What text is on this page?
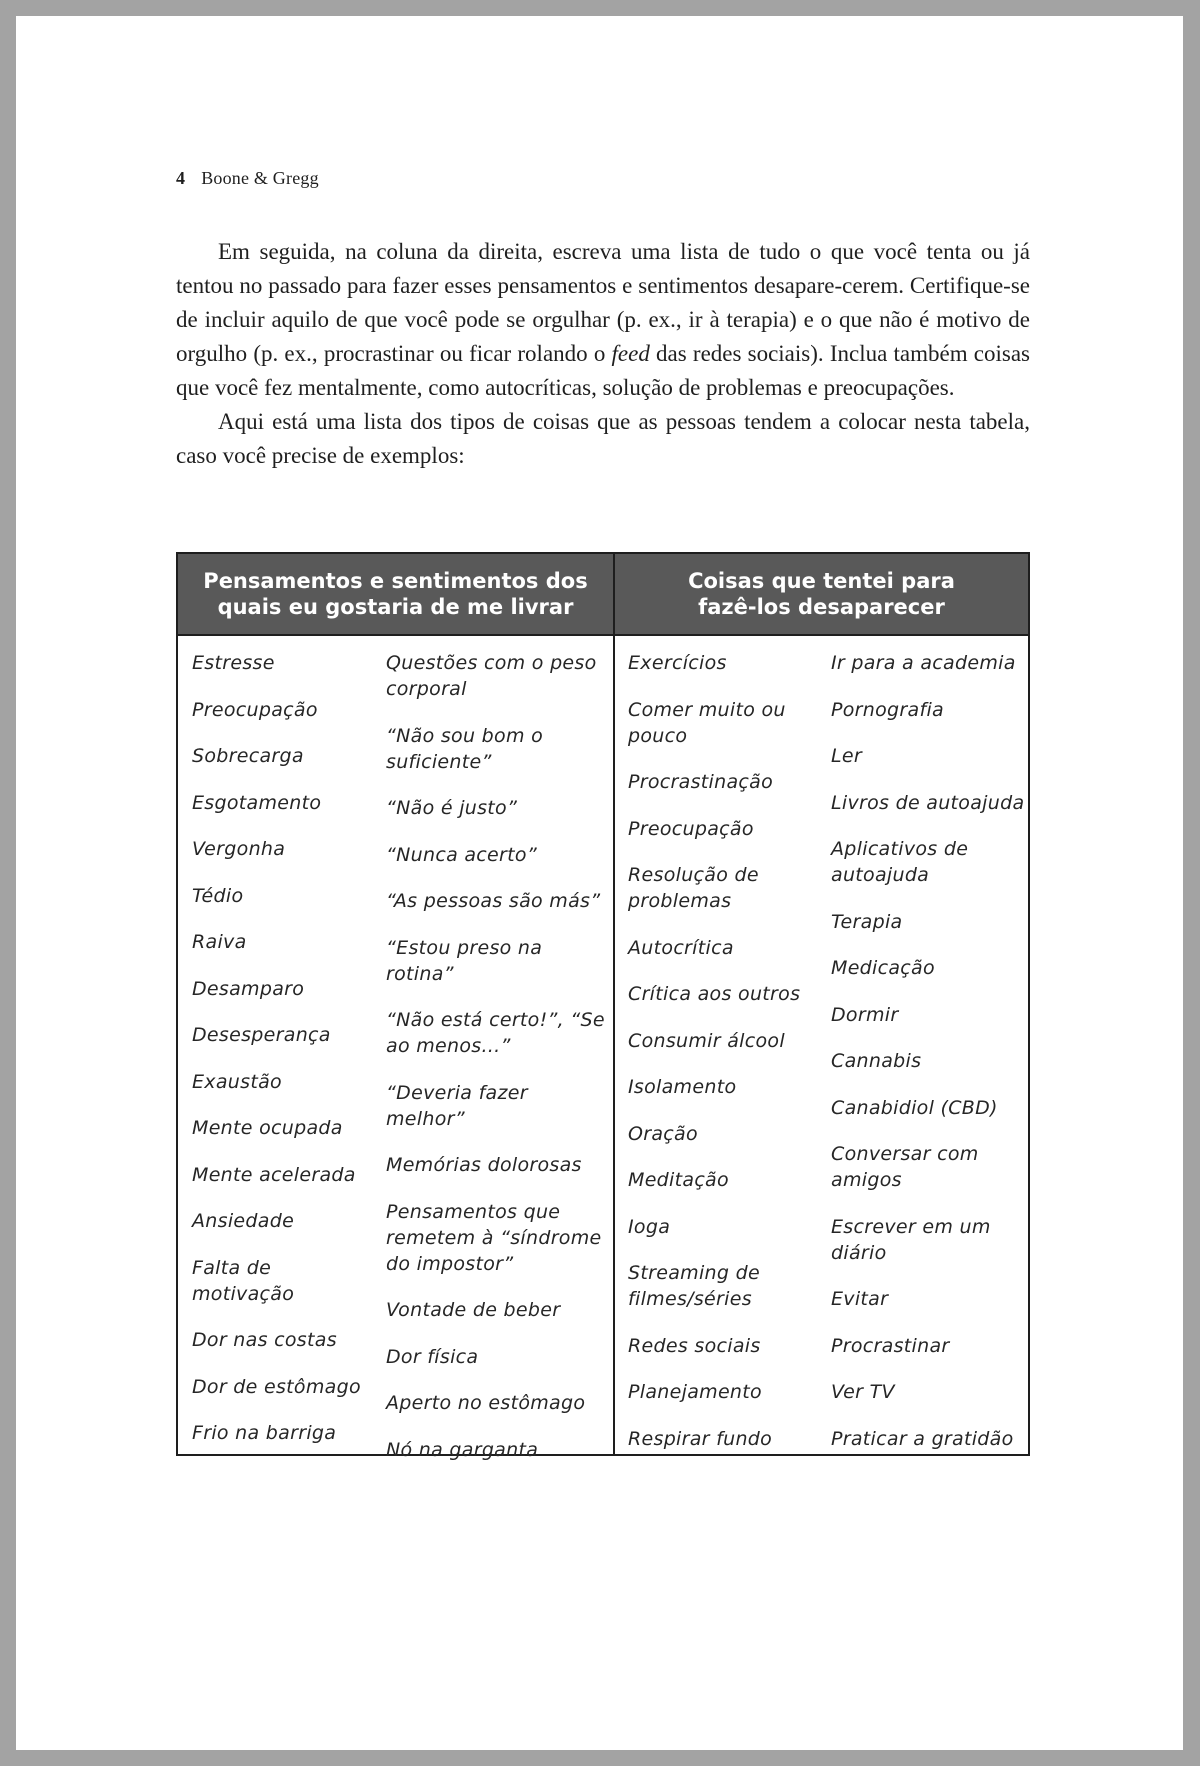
4 Boone & Gregg

Em seguida, na coluna da direita, escreva uma lista de tudo o que você tenta ou já tentou no passado para fazer esses pensamentos e sentimentos desapare-cerem. Certifique-se de incluir aquilo de que você pode se orgulhar (p. ex., ir à terapia) e o que não é motivo de orgulho (p. ex., procrastinar ou ficar rolando o feed das redes sociais). Inclua também coisas que você fez mentalmente, como autocríticas, solução de problemas e preocupações.

Aqui está uma lista dos tipos de coisas que as pessoas tendem a colocar nesta tabela, caso você precise de exemplos:

Pensamentos e sentimentos dos
quais eu gostaria de me livrar
Coisas que tentei para
fazê-los desaparecer
Estresse
Preocupação
Sobrecarga
Esgotamento
Vergonha
Tédio
Raiva
Desamparo
Desesperança
Exaustão
Mente ocupada
Mente acelerada
Ansiedade
Falta de motivação
Dor nas costas
Dor de estômago
Frio na barriga
Questões com o peso corporal
“Não sou bom o suficiente”
“Não é justo”
“Nunca acerto”
“As pessoas são más”
“Estou preso na rotina”
“Não está certo!”, “Se ao menos...”
“Deveria fazer melhor”
Memórias dolorosas
Pensamentos que remetem à “síndrome do impostor”
Vontade de beber
Dor física
Aperto no estômago
Nó na garganta
Exercícios
Comer muito ou pouco
Procrastinação
Preocupação
Resolução de problemas
Autocrítica
Crítica aos outros
Consumir álcool
Isolamento
Oração
Meditação
Ioga
Streaming de filmes/séries
Redes sociais
Planejamento
Respirar fundo
Ir para a academia
Pornografia
Ler
Livros de autoajuda
Aplicativos de autoajuda
Terapia
Medicação
Dormir
Cannabis
Canabidiol (CBD)
Conversar com amigos
Escrever em um diário
Evitar
Procrastinar
Ver TV
Praticar a gratidão
